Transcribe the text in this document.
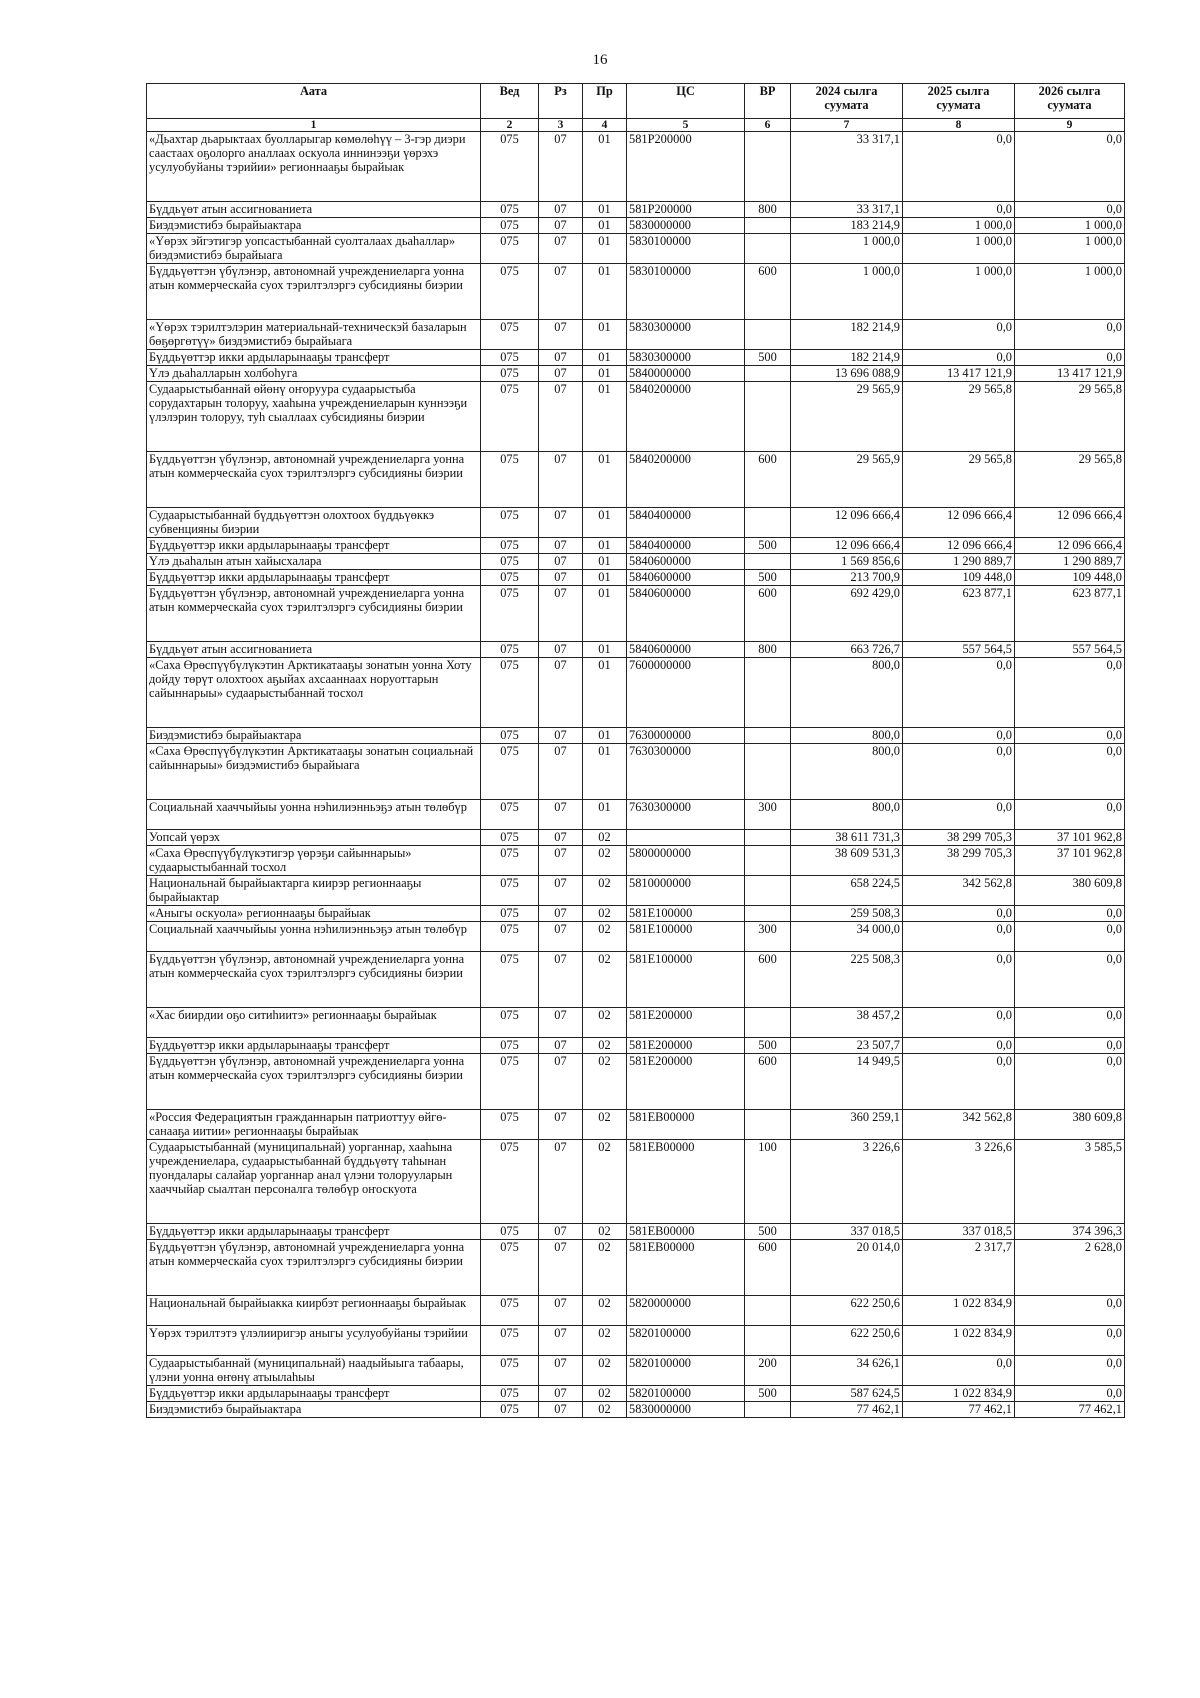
16
Аата	Вед	Рз	Пр	ЦС	ВР	2024 сылга суумата	2025 сылга суумата	2026 сылга суумата
1	2	3	4	5	6	7	8	9
«Дьахтар дьарыктаах буолларыгар көмөлөһүү – 3-гэр диэри саастаах оҕолорго аналлаах оскуола иннинээҕи үөрэхэ усулуобуйаны тэрийии» регионнааҕы бырайыак	075	07	01	581P200000		33 317,1	0,0	0,0
Бүддьүөт атын ассигнованиета	075	07	01	581P200000	800	33 317,1	0,0	0,0
Биэдэмистибэ бырайыактара	075	07	01	5830000000		183 214,9	1 000,0	1 000,0
«Үөрэх эйгэтигэр уопсастыбаннай суолталаах дьаһаллар» биэдэмистибэ бырайыага	075	07	01	5830100000		1 000,0	1 000,0	1 000,0
Бүддьүөттэн үбүлэнэр, автономнай учреждениеларга уонна атын коммерческайа суох тэрилтэлэргэ субсидияны биэрии	075	07	01	5830100000	600	1 000,0	1 000,0	1 000,0
«Үөрэх тэрилтэлэрин материальнай-техническэй базаларын бөҕөргөтүү» биэдэмистибэ бырайыага	075	07	01	5830300000		182 214,9	0,0	0,0
Бүддьүөттэр икки ардыларынааҕы трансферт	075	07	01	5830300000	500	182 214,9	0,0	0,0
Үлэ дьаһалларын холбоһуга	075	07	01	5840000000		13 696 088,9	13 417 121,9	13 417 121,9
Судаарыстыбаннай өйөнү оҥоруура судаарыстыба сорудахтарын толоруу, хааһына учреждениеларын куннээҕи үлэлэрин толоруу, туһ сыаллаах субсидияны биэрии	075	07	01	5840200000		29 565,9	29 565,8	29 565,8
Бүддьүөттэн үбүлэнэр, автономнай учреждениеларга уонна атын коммерческайа суох тэрилтэлэргэ субсидияны биэрии	075	07	01	5840200000	600	29 565,9	29 565,8	29 565,8
Судаарыстыбаннай бүддьүөттэн олохтоох бүддьүөккэ субвенцияны биэрии	075	07	01	5840400000		12 096 666,4	12 096 666,4	12 096 666,4
Бүддьүөттэр икки ардыларынааҕы трансферт	075	07	01	5840400000	500	12 096 666,4	12 096 666,4	12 096 666,4
Үлэ дьаһалын атын хайысхалара	075	07	01	5840600000		1 569 856,6	1 290 889,7	1 290 889,7
Бүддьүөттэр икки ардыларынааҕы трансферт	075	07	01	5840600000	500	213 700,9	109 448,0	109 448,0
Бүддьүөттэн үбүлэнэр, автономнай учреждениеларга уонна атын коммерческайа суох тэрилтэлэргэ субсидияны биэрии	075	07	01	5840600000	600	692 429,0	623 877,1	623 877,1
Бүддьүөт атын ассигнованиета	075	07	01	5840600000	800	663 726,7	557 564,5	557 564,5
«Саха Өрөспүүбүлүкэтин Арктикатааҕы зонатын уонна Хоту дойду төрүт олохтоох аҕыйах ахсааннаах норуоттарын сайыннарыы» судаарыстыбаннай тосхол	075	07	01	7600000000		800,0	0,0	0,0
Биэдэмистибэ бырайыактара	075	07	01	7630000000		800,0	0,0	0,0
«Саха Өрөспүүбүлүкэтин Арктикатааҕы зонатын социальнай сайыннарыы» биэдэмистибэ бырайыага	075	07	01	7630300000		800,0	0,0	0,0
Социальнай хааччыйыы уонна нэһилиэнньэҕэ атын төлөбүр	075	07	01	7630300000	300	800,0	0,0	0,0
Уопсай үөрэх	075	07	02			38 611 731,3	38 299 705,3	37 101 962,8
«Саха Өрөспүүбүлүкэтигэр үөрэҕи сайыннарыы» судаарыстыбаннай тосхол	075	07	02	5800000000		38 609 531,3	38 299 705,3	37 101 962,8
Национальнай бырайыактарга киирэр регионнааҕы бырайыактар	075	07	02	5810000000		658 224,5	342 562,8	380 609,8
«Аныгы оскуола» регионнааҕы бырайыак	075	07	02	581E100000		259 508,3	0,0	0,0
Социальнай хааччыйыы уонна нэһилиэнньэҕэ атын төлөбүр	075	07	02	581E100000	300	34 000,0	0,0	0,0
Бүддьүөттэн үбүлэнэр, автономнай учреждениеларга уонна атын коммерческайа суох тэрилтэлэргэ субсидияны биэрии	075	07	02	581E100000	600	225 508,3	0,0	0,0
«Хас биирдии оҕо ситиһиитэ» регионнааҕы бырайыак	075	07	02	581E200000		38 457,2	0,0	0,0
Бүддьүөттэр икки ардыларынааҕы трансферт	075	07	02	581E200000	500	23 507,7	0,0	0,0
Бүддьүөттэн үбүлэнэр, автономнай учреждениеларга уонна атын коммерческайа суох тэрилтэлэргэ субсидияны биэрии	075	07	02	581E200000	600	14 949,5	0,0	0,0
«Россия Федерациятын гражданнарын патриоттуу өйгө-санааҕа иитии» регионнааҕы бырайыак	075	07	02	581EB00000		360 259,1	342 562,8	380 609,8
Судаарыстыбаннай (муниципальнай) уорганнар, хааһына учреждениелара, судаарыстыбаннай бүддьүөтү таһынан пуондалары салайар уорганнар анал үлэни толорууларын хааччыйар сыалтан персоналга төлөбүр оҥоскуота	075	07	02	581EB00000	100	3 226,6	3 226,6	3 585,5
Бүддьүөттэр икки ардыларынааҕы трансферт	075	07	02	581EB00000	500	337 018,5	337 018,5	374 396,3
Бүддьүөттэн үбүлэнэр, автономнай учреждениеларга уонна атын коммерческайа суох тэрилтэлэргэ субсидияны биэрии	075	07	02	581EB00000	600	20 014,0	2 317,7	2 628,0
Национальнай бырайыакка киирбэт регионнааҕы бырайыак	075	07	02	5820000000		622 250,6	1 022 834,9	0,0
Үөрэх тэрилтэтэ үлэлииригэр аныгы усулуобуйаны тэрийии	075	07	02	5820100000		622 250,6	1 022 834,9	0,0
Судаарыстыбаннай (муниципальнай) наадыйыыга табаары, үлэни уонна өҥөнү атыылаһыы	075	07	02	5820100000	200	34 626,1	0,0	0,0
Бүддьүөттэр икки ардыларынааҕы трансферт	075	07	02	5820100000	500	587 624,5	1 022 834,9	0,0
Биэдэмистибэ бырайыактара	075	07	02	5830000000		77 462,1	77 462,1	77 462,1
